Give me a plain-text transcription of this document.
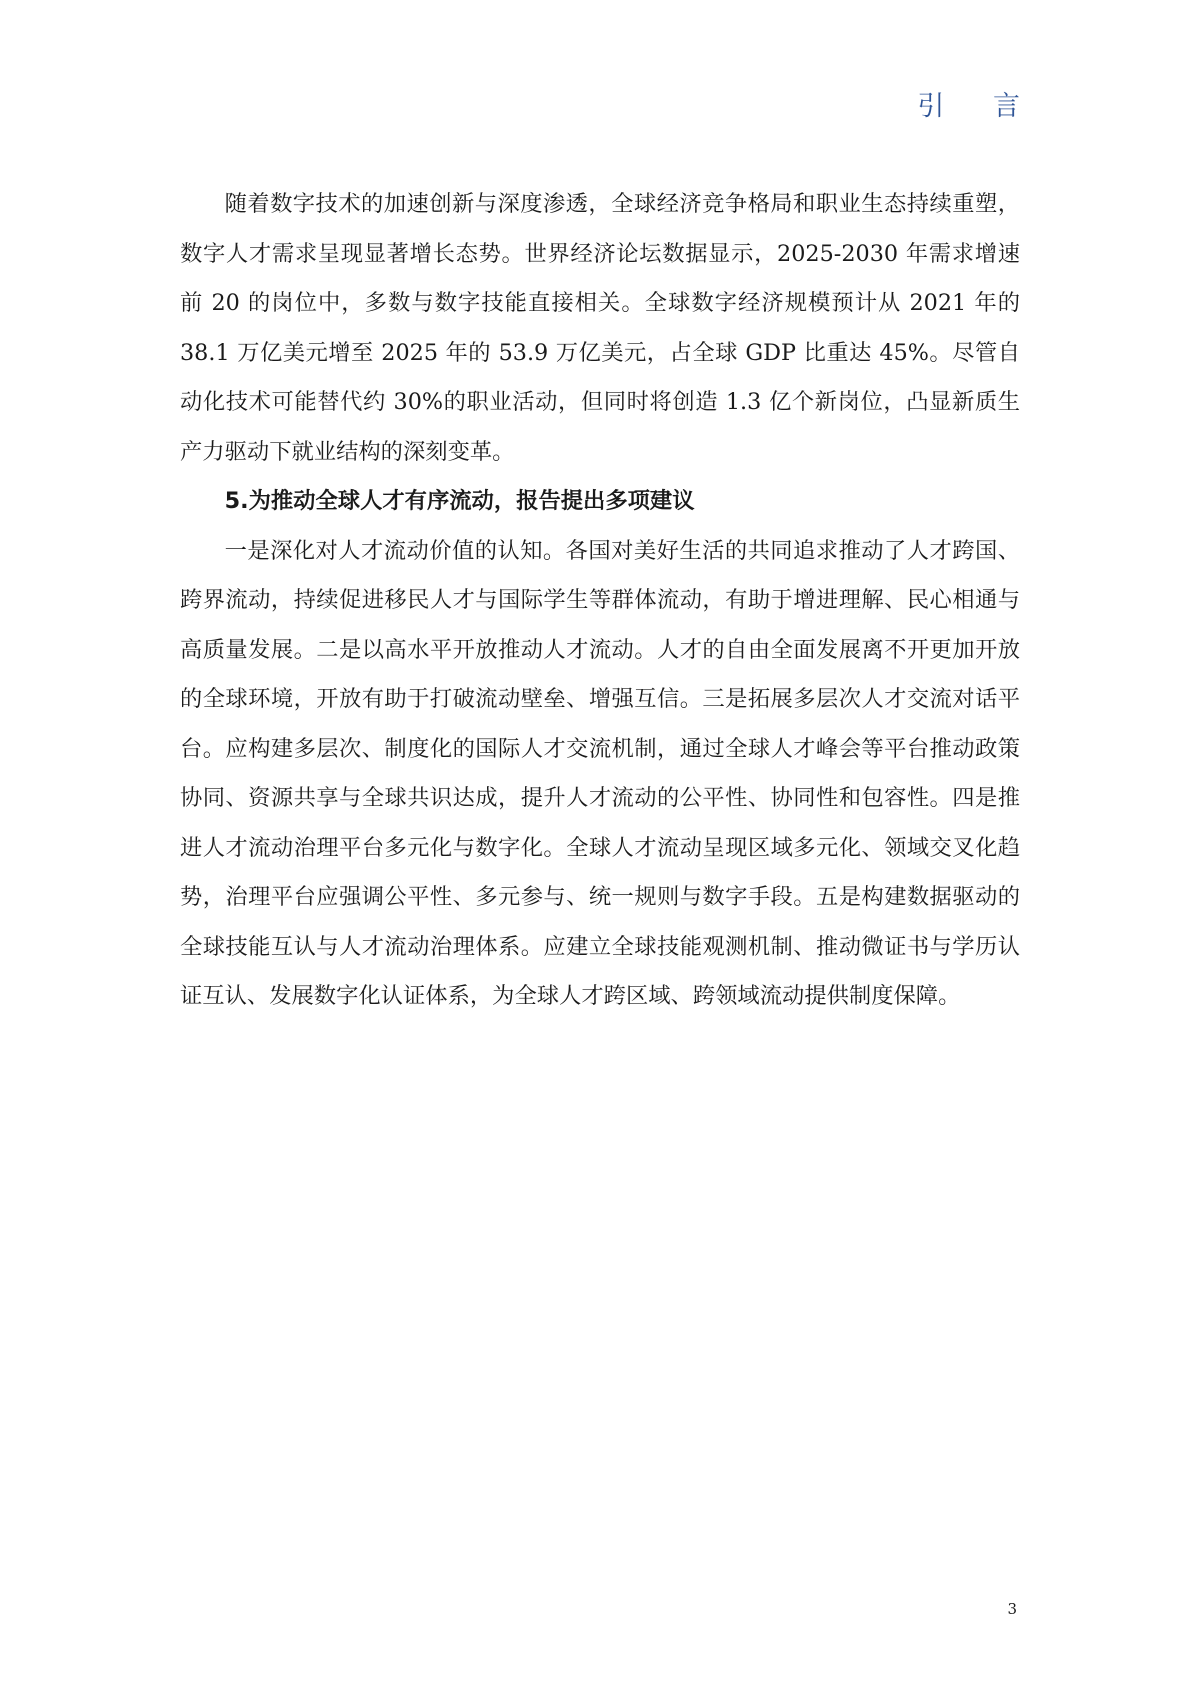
引 言

随着数字技术的加速创新与深度渗透，全球经济竞争格局和职业生态持续重塑，数字人才需求呈现显著增长态势。世界经济论坛数据显示，2025-2030 年需求增速前 20 的岗位中，多数与数字技能直接相关。全球数字经济规模预计从 2021 年的 38.1 万亿美元增至 2025 年的 53.9 万亿美元，占全球 GDP 比重达 45%。尽管自动化技术可能替代约 30%的职业活动，但同时将创造 1.3 亿个新岗位，凸显新质生产力驱动下就业结构的深刻变革。

5.为推动全球人才有序流动，报告提出多项建议

一是深化对人才流动价值的认知。各国对美好生活的共同追求推动了人才跨国、跨界流动，持续促进移民人才与国际学生等群体流动，有助于增进理解、民心相通与高质量发展。二是以高水平开放推动人才流动。人才的自由全面发展离不开更加开放的全球环境，开放有助于打破流动壁垒、增强互信。三是拓展多层次人才交流对话平台。应构建多层次、制度化的国际人才交流机制，通过全球人才峰会等平台推动政策协同、资源共享与全球共识达成，提升人才流动的公平性、协同性和包容性。四是推进人才流动治理平台多元化与数字化。全球人才流动呈现区域多元化、领域交叉化趋势，治理平台应强调公平性、多元参与、统一规则与数字手段。五是构建数据驱动的全球技能互认与人才流动治理体系。应建立全球技能观测机制、推动微证书与学历认证互认、发展数字化认证体系，为全球人才跨区域、跨领域流动提供制度保障。

3
